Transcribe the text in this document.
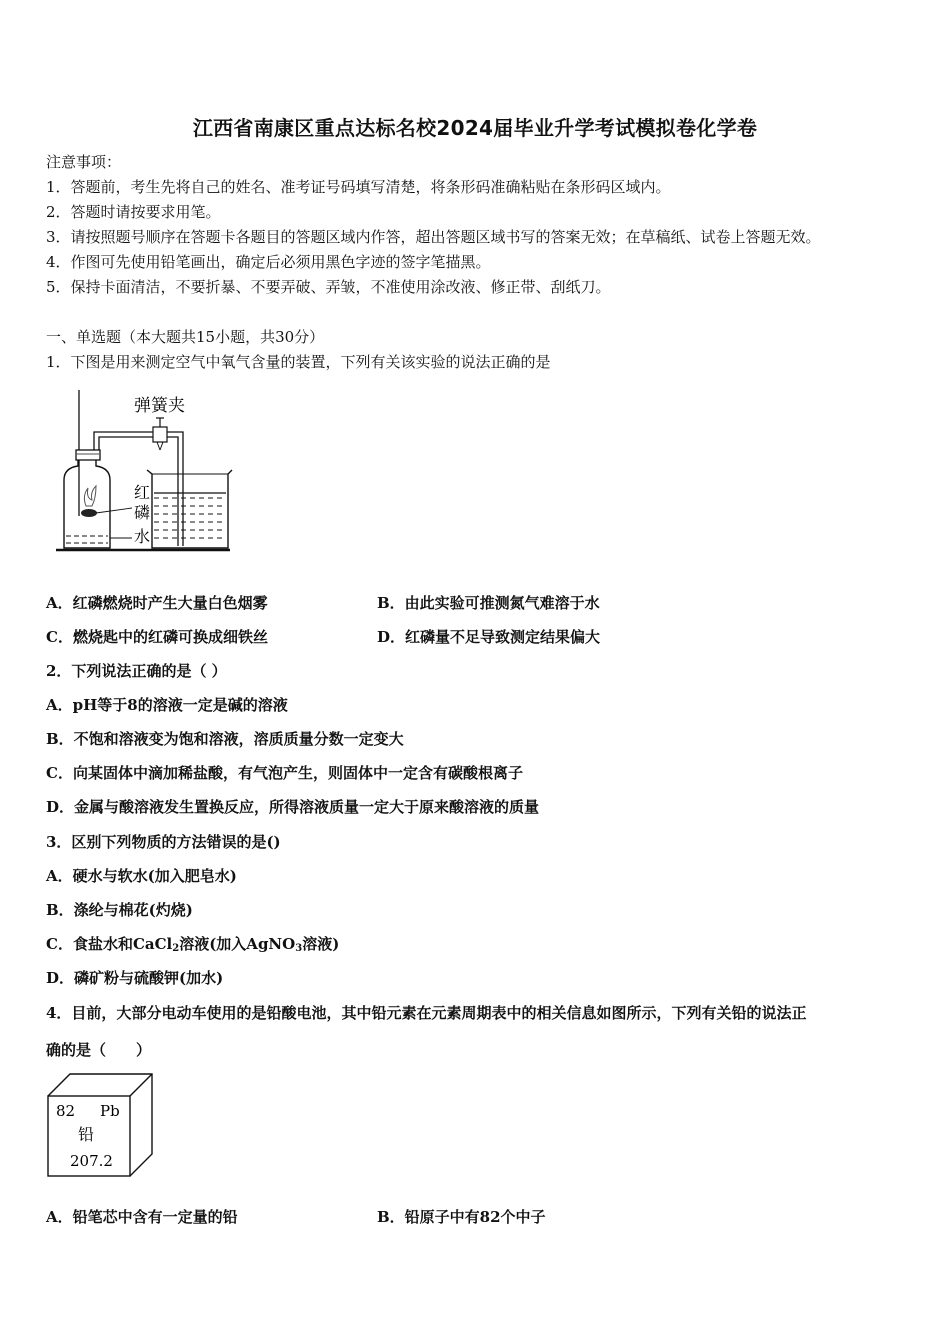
江西省南康区重点达标名校2024届毕业升学考试模拟卷化学卷
注意事项：
1．答题前，考生先将自己的姓名、准考证号码填写清楚，将条形码准确粘贴在条形码区域内。
2．答题时请按要求用笔。
3．请按照题号顺序在答题卡各题目的答题区域内作答，超出答题区域书写的答案无效；在草稿纸、试卷上答题无效。
4．作图可先使用铅笔画出，确定后必须用黑色字迹的签字笔描黑。
5．保持卡面清洁，不要折暴、不要弄破、弄皱，不准使用涂改液、修正带、刮纸刀。
一、单选题（本大题共15小题，共30分）
1．下图是用来测定空气中氧气含量的装置，下列有关该实验的说法正确的是
弹簧夹
红
磷
水
A．红磷燃烧时产生大量白色烟雾	B．由此实验可推测氮气难溶于水
C．燃烧匙中的红磷可换成细铁丝	D．红磷量不足导致测定结果偏大
2．下列说法正确的是（ ）
A．pH等于8的溶液一定是碱的溶液
B．不饱和溶液变为饱和溶液，溶质质量分数一定变大
C．向某固体中滴加稀盐酸，有气泡产生，则固体中一定含有碳酸根离子
D．金属与酸溶液发生置换反应，所得溶液质量一定大于原来酸溶液的质量
3．区别下列物质的方法错误的是()
A．硬水与软水(加入肥皂水)
B．涤纶与棉花(灼烧)
C．食盐水和CaCl$_2$溶液(加入AgNO$_3$溶液)
D．磷矿粉与硫酸钾(加水)
4．目前，大部分电动车使用的是铅酸电池，其中铅元素在元素周期表中的相关信息如图所示，下列有关铅的说法正
确的是（　　）
82 Pb
铅
207.2
A．铅笔芯中含有一定量的铅	B．铅原子中有82个中子
